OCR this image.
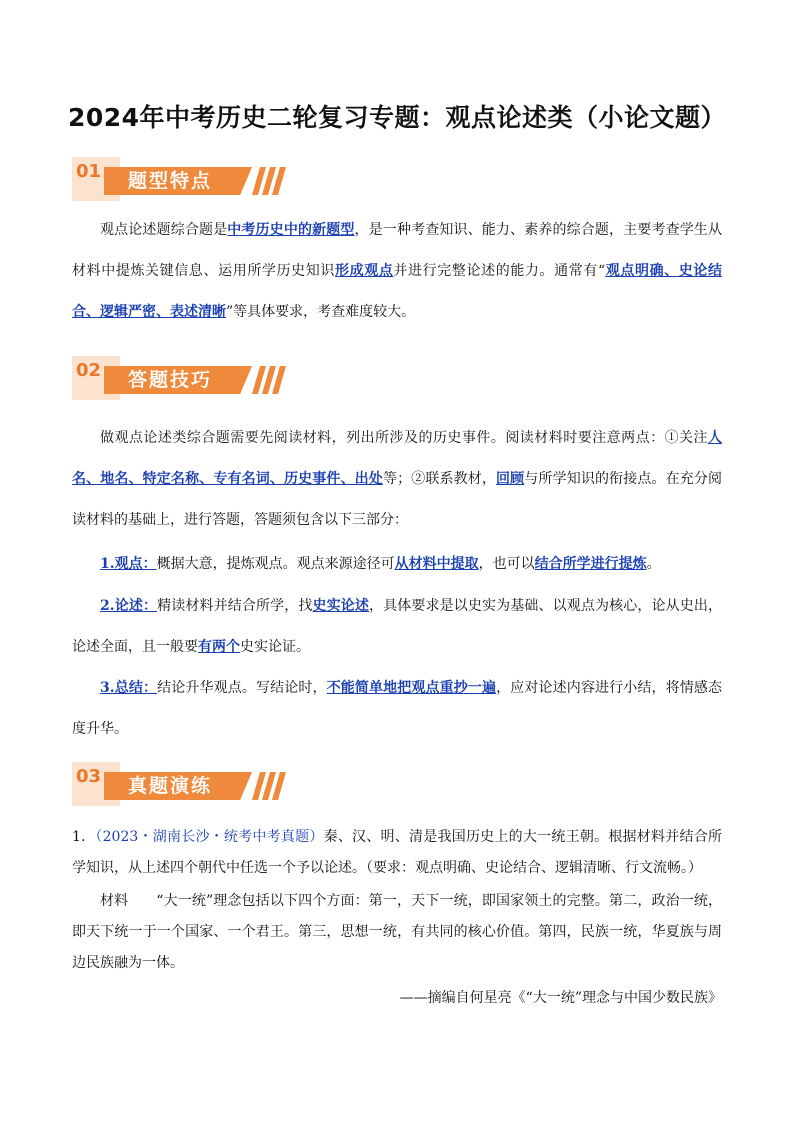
2024年中考历史二轮复习专题：观点论述类（小论文题）
01 题型特点
观点论述题综合题是中考历史中的新题型，是一种考查知识、能力、素养的综合题，主要考查学生从材料中提炼关键信息、运用所学历史知识形成观点并进行完整论述的能力。通常有“观点明确、史论结合、逻辑严密、表述清晰”等具体要求，考查难度较大。
02 答题技巧
做观点论述类综合题需要先阅读材料，列出所涉及的历史事件。阅读材料时要注意两点：①关注人名、地名、特定名称、专有名词、历史事件、出处等；②联系教材，回顾与所学知识的衔接点。在充分阅读材料的基础上，进行答题，答题须包含以下三部分：
1.观点：概据大意，提炼观点。观点来源途径可从材料中提取，也可以结合所学进行提炼。
2.论述：精读材料并结合所学，找史实论述，具体要求是以史实为基础、以观点为核心，论从史出，论述全面，且一般要有两个史实论证。
3.总结：结论升华观点。写结论时，不能简单地把观点重抄一遍，应对论述内容进行小结，将情感态度升华。
03 真题演练
1．（2023・湖南长沙・统考中考真题）秦、汉、明、清是我国历史上的大一统王朝。根据材料并结合所学知识，从上述四个朝代中任选一个予以论述。（要求：观点明确、史论结合、逻辑清晰、行文流畅。）
材料 “大一统”理念包括以下四个方面：第一，天下一统，即国家领土的完整。第二，政治一统，即天下统一于一个国家、一个君王。第三，思想一统，有共同的核心价值。第四，民族一统，华夏族与周边民族融为一体。
——摘编自何星亮《“大一统”理念与中国少数民族》
